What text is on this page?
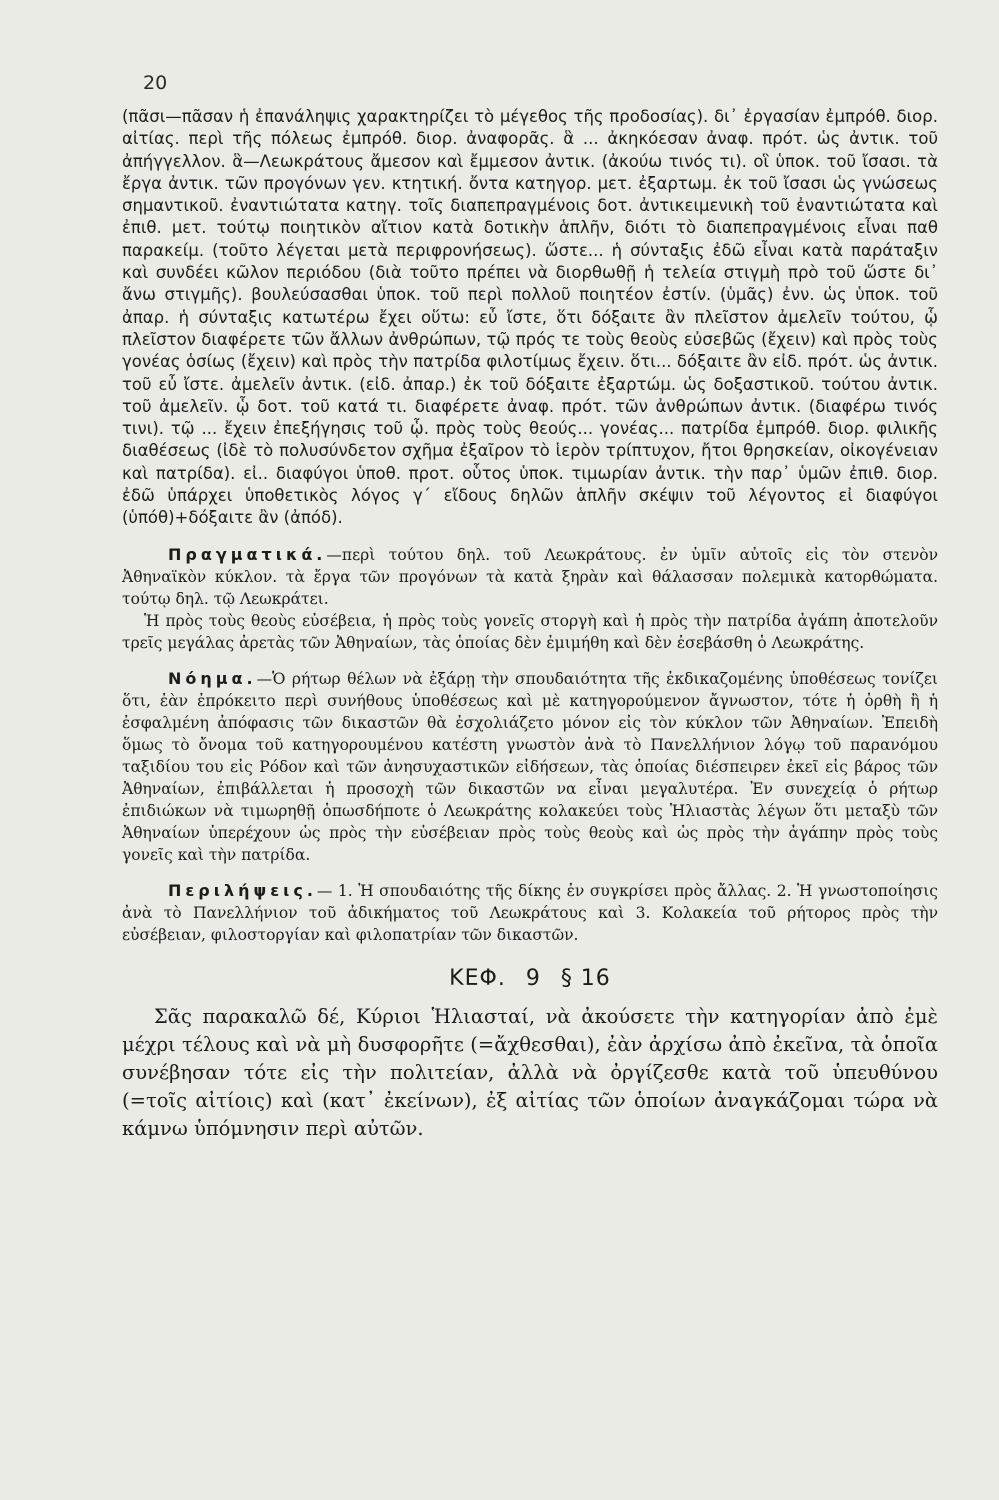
20

(πᾶσι—πᾶσαν ἡ ἐπανάληψις χαρακτηρίζει τὸ μέγεθος τῆς προδοσίας). δι᾽ ἐργασίαν ἐμπρόθ. διορ. αἰτίας. περὶ τῆς πόλεως ἐμπρόθ. διορ. ἀναφορᾶς. ἃ ... ἀκηκόεσαν ἀναφ. πρότ. ὡς ἀντικ. τοῦ ἀπήγγελλον. ἃ—Λεωκράτους ἄμεσον καὶ ἔμμεσον ἀντικ. (ἀκούω τινός τι). οἳ ὑποκ. τοῦ ἴσασι. τὰ ἔργα ἀντικ. τῶν προγόνων γεν. κτητική. ὄντα κατηγορ. μετ. ἐξαρτωμ. ἐκ τοῦ ἴσασι ὡς γνώσεως σημαντικοῦ. ἐναντιώτατα κατηγ. τοῖς διαπεπραγμένοις δοτ. ἀντικειμενικὴ τοῦ ἐναντιώτατα καὶ ἐπιθ. μετ. τούτῳ ποιητικὸν αἴτιον κατὰ δοτικὴν ἁπλῆν, διότι τὸ διαπεπραγμένοις εἶναι παθ παρακείμ. (τοῦτο λέγεται μετὰ περιφρονήσεως). ὥστε... ἡ σύνταξις ἐδῶ εἶναι κατὰ παράταξιν καὶ συνδέει κῶλον περιόδου (διὰ τοῦτο πρέπει νὰ διορθωθῇ ἡ τελεία στιγμὴ πρὸ τοῦ ὥστε δι᾽ ἄνω στιγμῆς). βουλεύσασθαι ὑποκ. τοῦ περὶ πολλοῦ ποιητέον ἐστίν. (ὑμᾶς) ἐνν. ὡς ὑποκ. τοῦ ἀπαρ. ἡ σύνταξις κατωτέρω ἔχει οὕτω: εὖ ἴστε, ὅτι δόξαιτε ἂν πλεῖστον ἀμελεῖν τούτου, ᾧ πλεῖστον διαφέρετε τῶν ἄλλων ἀνθρώπων, τῷ πρός τε τοὺς θεοὺς εὐσεβῶς (ἔχειν) καὶ πρὸς τοὺς γονέας ὁσίως (ἔχειν) καὶ πρὸς τὴν πατρίδα φιλοτίμως ἔχειν. ὅτι... δόξαιτε ἂν εἰδ. πρότ. ὡς ἀντικ. τοῦ εὖ ἴστε. ἀμελεῖν ἀντικ. (εἰδ. ἀπαρ.) ἐκ τοῦ δόξαιτε ἐξαρτώμ. ὡς δοξαστικοῦ. τούτου ἀντικ. τοῦ ἀμελεῖν. ᾧ δοτ. τοῦ κατά τι. διαφέρετε ἀναφ. πρότ. τῶν ἀνθρώπων ἀντικ. (διαφέρω τινός τινι). τῷ ... ἔχειν ἐπεξήγησις τοῦ ᾧ. πρὸς τοὺς θεούς... γονέας... πατρίδα ἐμπρόθ. διορ. φιλικῆς διαθέσεως (ἰδὲ τὸ πολυσύνδετον σχῆμα ἐξαῖρον τὸ ἱερὸν τρίπτυχον, ἤτοι θρησκείαν, οἰκογένειαν καὶ πατρίδα). εἰ.. διαφύγοι ὑποθ. προτ. οὗτος ὑποκ. τιμωρίαν ἀντικ. τὴν παρ᾽ ὑμῶν ἐπιθ. διορ. ἐδῶ ὑπάρχει ὑποθετικὸς λόγος γ´ εἴδους δηλῶν ἁπλῆν σκέψιν τοῦ λέγοντος εἰ διαφύγοι (ὑπόθ)+δόξαιτε ἂν (ἀπόδ).

Πραγματικά.—περὶ τούτου δηλ. τοῦ Λεωκράτους. ἐν ὑμῖν αὐτοῖς εἰς τὸν στενὸν Ἀθηναϊκὸν κύκλον. τὰ ἔργα τῶν προγόνων τὰ κατὰ ξηρὰν καὶ θάλασσαν πολεμικὰ κατορθώματα. τούτῳ δηλ. τῷ Λεωκράτει.

Ἡ πρὸς τοὺς θεοὺς εὐσέβεια, ἡ πρὸς τοὺς γονεῖς στοργὴ καὶ ἡ πρὸς τὴν πατρίδα ἀγάπη ἀποτελοῦν τρεῖς μεγάλας ἀρετὰς τῶν Ἀθηναίων, τὰς ὁποίας δὲν ἐμιμήθη καὶ δὲν ἐσεβάσθη ὁ Λεωκράτης.

Νόημα.—Ὁ ρήτωρ θέλων νὰ ἐξάρῃ τὴν σπουδαιότητα τῆς ἐκδικαζομένης ὑποθέσεως τονίζει ὅτι, ἐὰν ἐπρόκειτο περὶ συνήθους ὑποθέσεως καὶ μὲ κατηγορούμενον ἄγνωστον, τότε ἡ ὀρθὴ ἢ ἡ ἐσφαλμένη ἀπόφασις τῶν δικαστῶν θὰ ἐσχολιάζετο μόνον εἰς τὸν κύκλον τῶν Ἀθηναίων. Ἐπειδὴ ὅμως τὸ ὄνομα τοῦ κατηγορουμένου κατέστη γνωστὸν ἀνὰ τὸ Πανελλήνιον λόγῳ τοῦ παρανόμου ταξιδίου του εἰς Ρόδον καὶ τῶν ἀνησυχαστικῶν εἰδήσεων, τὰς ὁποίας διέσπειρεν ἐκεῖ εἰς βάρος τῶν Ἀθηναίων, ἐπιβάλλεται ἡ προσοχὴ τῶν δικαστῶν να εἶναι μεγαλυτέρα. Ἐν συνεχείᾳ ὁ ρήτωρ ἐπιδιώκων νὰ τιμωρηθῇ ὁπωσδήποτε ὁ Λεωκράτης κολακεύει τοὺς Ἡλιαστὰς λέγων ὅτι μεταξὺ τῶν Ἀθηναίων ὑπερέχουν ὡς πρὸς τὴν εὐσέβειαν πρὸς τοὺς θεοὺς καὶ ὡς πρὸς τὴν ἀγάπην πρὸς τοὺς γονεῖς καὶ τὴν πατρίδα.

Περιλήψεις.— 1. Ἡ σπουδαιότης τῆς δίκης ἐν συγκρίσει πρὸς ἄλλας. 2. Ἡ γνωστοποίησις ἀνὰ τὸ Πανελλήνιον τοῦ ἀδικήματος τοῦ Λεωκράτους καὶ 3. Κολακεία τοῦ ρήτορος πρὸς τὴν εὐσέβειαν, φιλοστοργίαν καὶ φιλοπατρίαν τῶν δικαστῶν.

ΚΕΦ. 9 § 16

Σᾶς παρακαλῶ δέ, Κύριοι Ἡλιασταί, νὰ ἀκούσετε τὴν κατηγορίαν ἀπὸ ἐμὲ μέχρι τέλους καὶ νὰ μὴ δυσφορῆτε (=ἄχθεσθαι), ἐὰν ἀρχίσω ἀπὸ ἐκεῖνα, τὰ ὁποῖα συνέβησαν τότε εἰς τὴν πολιτείαν, ἀλλὰ νὰ ὀργίζεσθε κατὰ τοῦ ὑπευθύνου (=τοῖς αἰτίοις) καὶ (κατ᾽ ἐκείνων), ἐξ αἰτίας τῶν ὁποίων ἀναγκάζομαι τώρα νὰ κάμνω ὑπόμνησιν περὶ αὐτῶν.
